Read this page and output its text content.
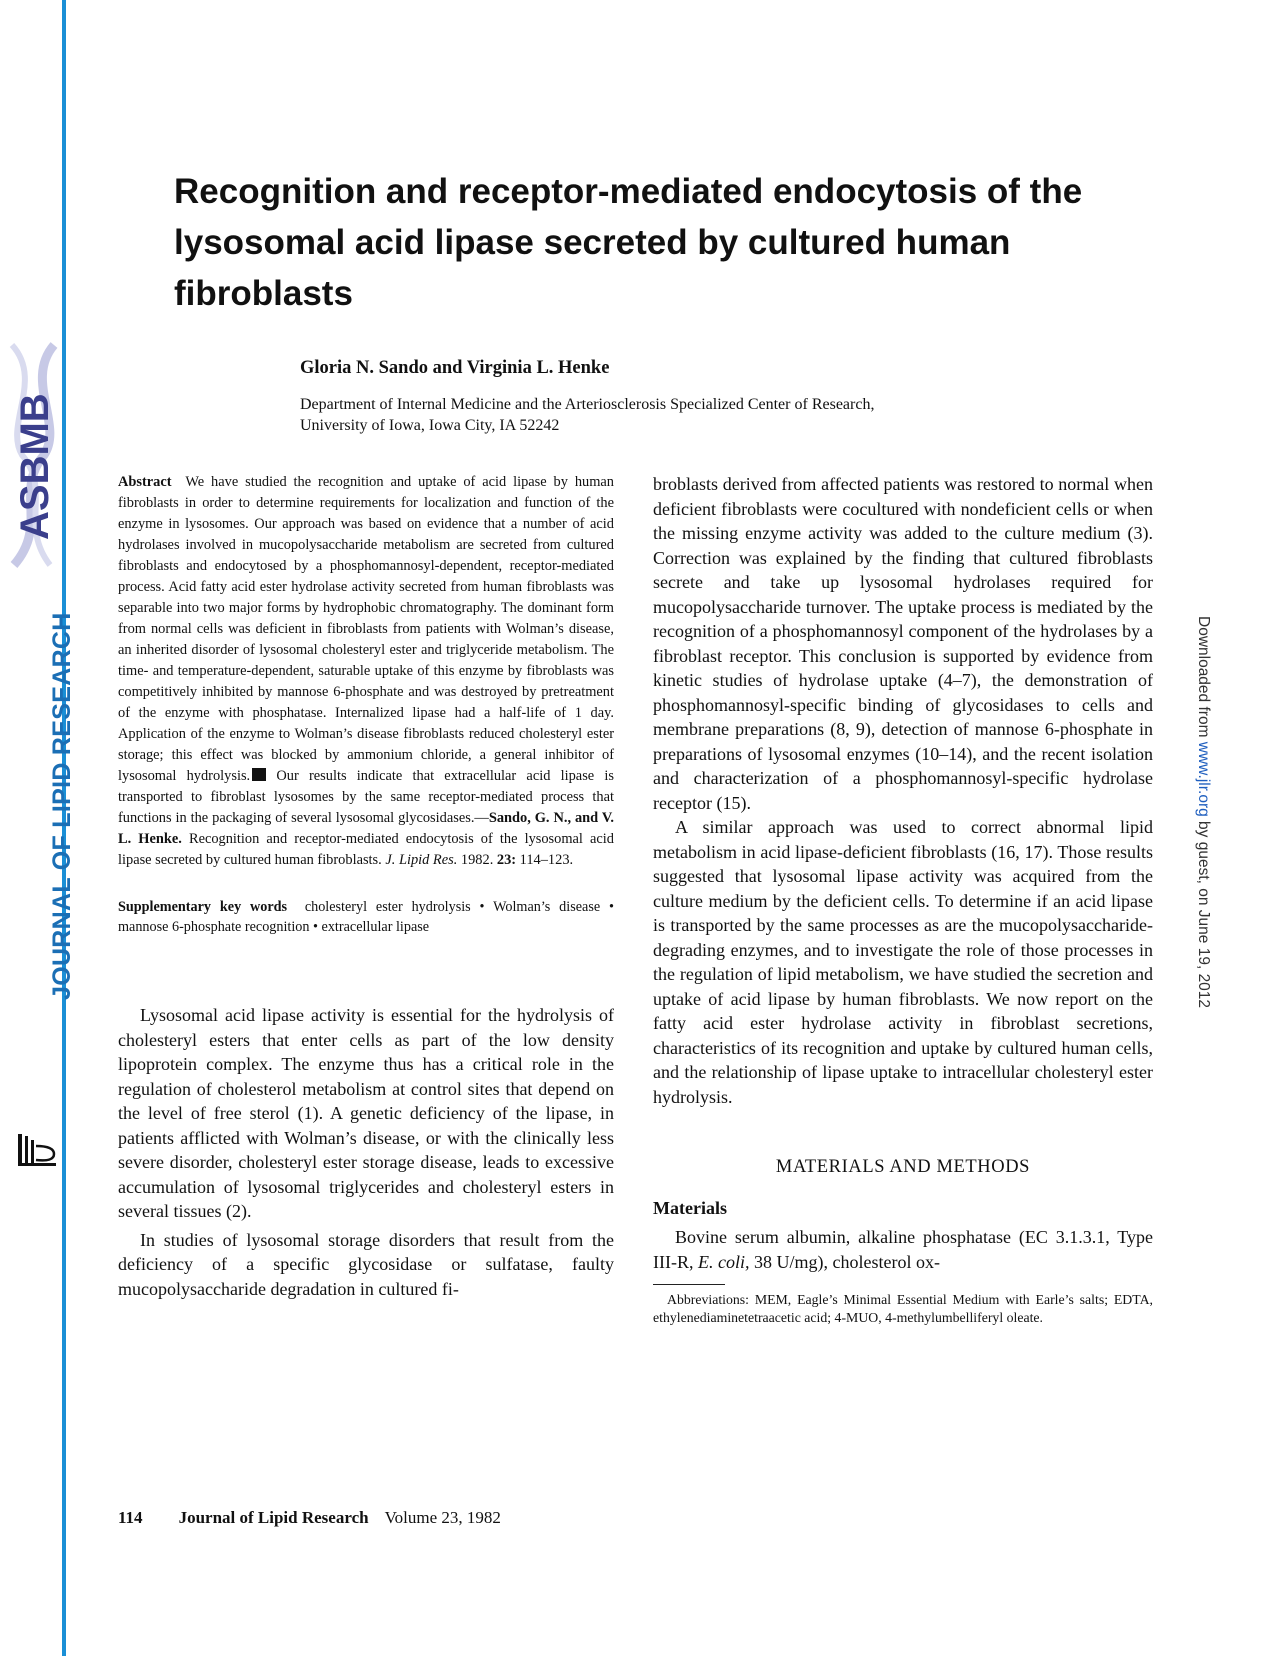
ASBMB
JOURNAL OF LIPID RESEARCH	Downloaded from www.jlr.org by guest, on June 19, 2012
Recognition and receptor-mediated endocytosis of the lysosomal acid lipase secreted by cultured human fibroblasts
Gloria N. Sando and Virginia L. Henke
Department of Internal Medicine and the Arteriosclerosis Specialized Center of Research,
University of Iowa, Iowa City, IA 52242

Abstract We have studied the recognition and uptake of acid lipase by human fibroblasts in order to determine requirements for localization and function of the enzyme in lysosomes. Our approach was based on evidence that a number of acid hydrolases involved in mucopolysaccharide metabolism are secreted from cultured fibroblasts and endocytosed by a phosphomannosyl-dependent, receptor-mediated process. Acid fatty acid ester hydrolase activity secreted from human fibroblasts was separable into two major forms by hydrophobic chromatography. The dominant form from normal cells was deficient in fibroblasts from patients with Wolman’s disease, an inherited disorder of lysosomal cholesteryl ester and triglyceride metabolism. The time- and temperature-dependent, saturable uptake of this enzyme by fibroblasts was competitively inhibited by mannose 6-phosphate and was destroyed by pretreatment of the enzyme with phosphatase. Internalized lipase had a half-life of 1 day. Application of the enzyme to Wolman’s disease fibroblasts reduced cholesteryl ester storage; this effect was blocked by ammonium chloride, a general inhibitor of lysosomal hydrolysis. Our results indicate that extracellular acid lipase is transported to fibroblast lysosomes by the same receptor-mediated process that functions in the packaging of several lysosomal glycosidases.—Sando, G. N., and V. L. Henke. Recognition and receptor-mediated endocytosis of the lysosomal acid lipase secreted by cultured human fibroblasts. J. Lipid Res. 1982. 23: 114–123.

Supplementary key words cholesteryl ester hydrolysis • Wolman’s disease • mannose 6-phosphate recognition • extracellular lipase

Lysosomal acid lipase activity is essential for the hydrolysis of cholesteryl esters that enter cells as part of the low density lipoprotein complex. The enzyme thus has a critical role in the regulation of cholesterol metabolism at control sites that depend on the level of free sterol (1). A genetic deficiency of the lipase, in patients afflicted with Wolman’s disease, or with the clinically less severe disorder, cholesteryl ester storage disease, leads to excessive accumulation of lysosomal triglycerides and cholesteryl esters in several tissues (2).

In studies of lysosomal storage disorders that result from the deficiency of a specific glycosidase or sulfatase, faulty mucopolysaccharide degradation in cultured fi-

broblasts derived from affected patients was restored to normal when deficient fibroblasts were cocultured with nondeficient cells or when the missing enzyme activity was added to the culture medium (3). Correction was explained by the finding that cultured fibroblasts secrete and take up lysosomal hydrolases required for mucopolysaccharide turnover. The uptake process is mediated by the recognition of a phosphomannosyl component of the hydrolases by a fibroblast receptor. This conclusion is supported by evidence from kinetic studies of hydrolase uptake (4–7), the demonstration of phosphomannosyl-specific binding of glycosidases to cells and membrane preparations (8, 9), detection of mannose 6-phosphate in preparations of lysosomal enzymes (10–14), and the recent isolation and characterization of a phosphomannosyl-specific hydrolase receptor (15).

A similar approach was used to correct abnormal lipid metabolism in acid lipase-deficient fibroblasts (16, 17). Those results suggested that lysosomal lipase activity was acquired from the culture medium by the deficient cells. To determine if an acid lipase is transported by the same processes as are the mucopolysaccharide-degrading enzymes, and to investigate the role of those processes in the regulation of lipid metabolism, we have studied the secretion and uptake of acid lipase by human fibroblasts. We now report on the fatty acid ester hydrolase activity in fibroblast secretions, characteristics of its recognition and uptake by cultured human cells, and the relationship of lipase uptake to intracellular cholesteryl ester hydrolysis.

MATERIALS AND METHODS
Materials

Bovine serum albumin, alkaline phosphatase (EC 3.1.3.1, Type III-R, E. coli, 38 U/mg), cholesterol ox-

Abbreviations: MEM, Eagle’s Minimal Essential Medium with Earle’s salts; EDTA, ethylenediaminetetraacetic acid; 4-MUO, 4-methylumbelliferyl oleate.

114 Journal of Lipid Research Volume 23, 1982
